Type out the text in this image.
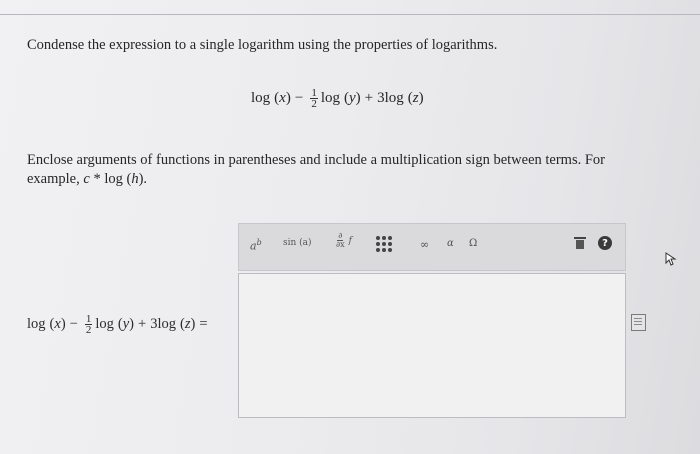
Condense the expression to a single logarithm using the properties of logarithms.
log ( x ) − $\frac{1}{2}$ log ( y ) + 3 log ( z )
Enclose arguments of functions in parentheses and include a multiplication sign between terms. For
example, c * log (h).
$a^b$ sin (a)	$\frac{\partial}{\partial x}$ f	∞ α Ω	?
log ( x ) − $\frac{1}{2}$ log ( y ) + 3 log ( z ) =
